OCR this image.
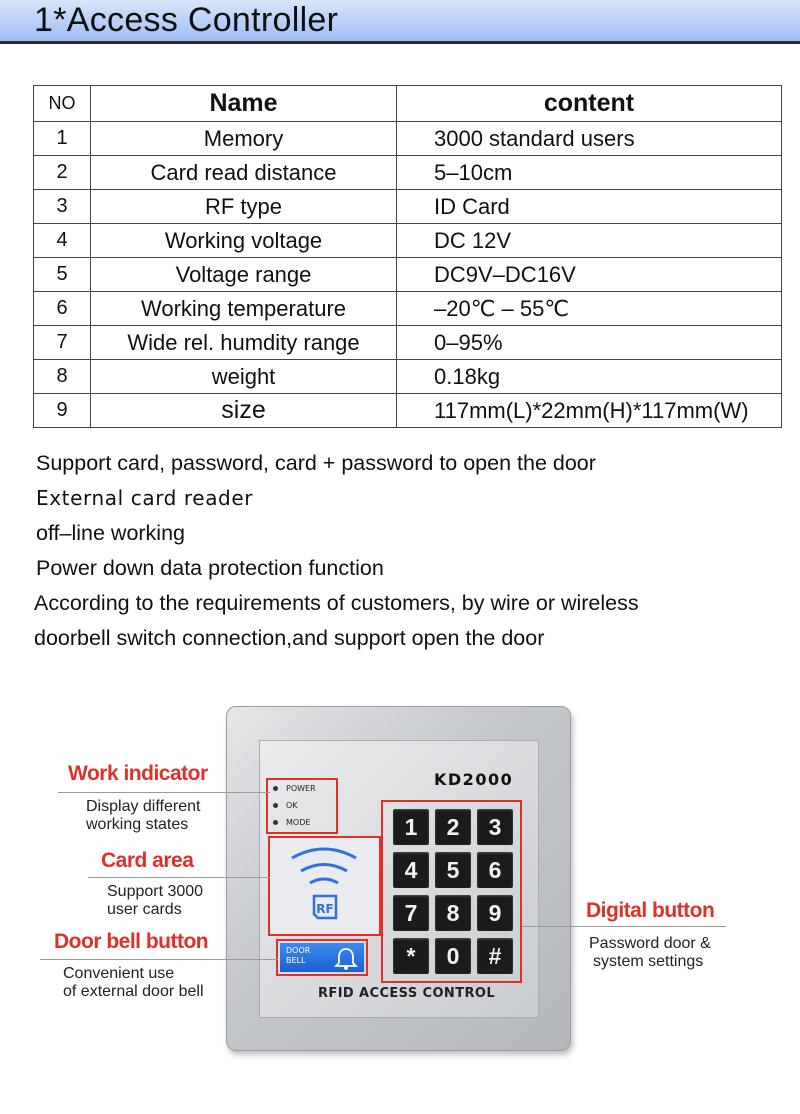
1*Access Controller
NO	Name	content
1	Memory	3000 standard users
2	Card read distance	5–10cm
3	RF type	ID Card
4	Working voltage	DC 12V
5	Voltage range	DC9V–DC16V
6	Working temperature	–20℃ – 55℃
7	Wide rel. humdity range	0–95%
8	weight	0.18kg
9	size	117mm(L)*22mm(H)*117mm(W)
Support card, password, card + password to open the door
External card reader
off–line working
Power down data protection function
According to the requirements of customers, by wire or wireless
doorbell switch connection,and support open the door
KD2000
POWER
OK
MODE
RF
DOOR
BELL
1	2	3
4	5	6
7	8	9
*	0	#
RFID ACCESS CONTROL
Work indicator
Display different
working states
Card area
Support 3000
user cards
Door bell button
Convenient use
of external door bell
Digital button
Password door &
system settings
